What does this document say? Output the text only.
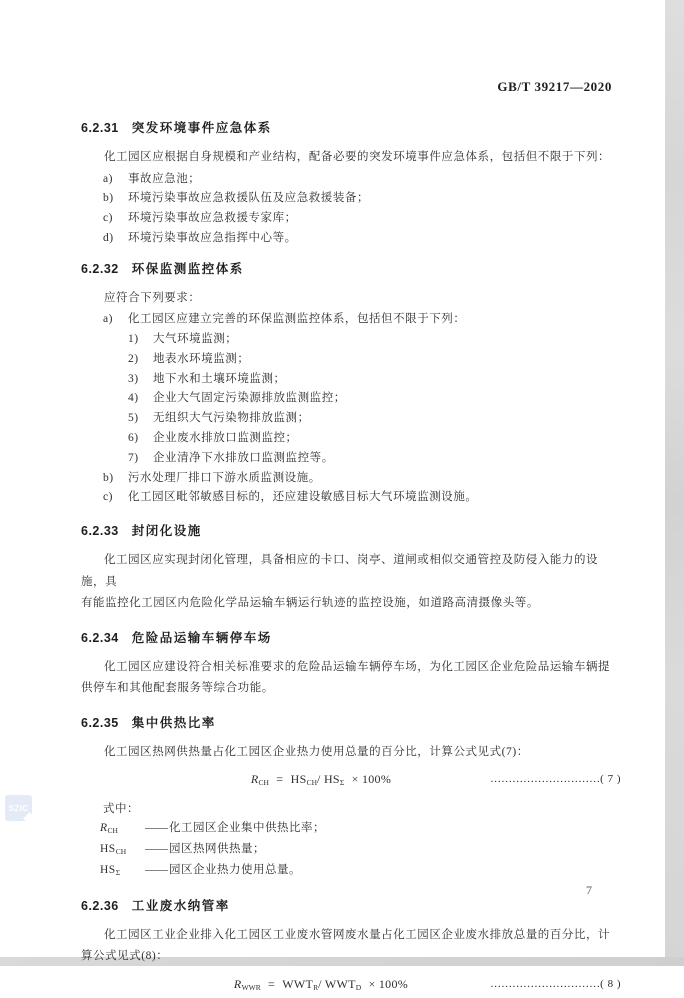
SZIC
GB/T 39217—2020
6.2.31 突发环境事件应急体系
化工园区应根据自身规模和产业结构，配备必要的突发环境事件应急体系，包括但不限于下列：
a)	事故应急池；
b)	环境污染事故应急救援队伍及应急救援装备；
c)	环境污染事故应急救援专家库；
d)	环境污染事故应急指挥中心等。
6.2.32 环保监测监控体系
应符合下列要求：
a)	化工园区应建立完善的环保监测监控体系，包括但不限于下列：
1)	大气环境监测；
2)	地表水环境监测；
3)	地下水和土壤环境监测；
4)	企业大气固定污染源排放监测监控；
5)	无组织大气污染物排放监测；
6)	企业废水排放口监测监控；
7)	企业清净下水排放口监测监控等。
b)	污水处理厂排口下游水质监测设施。
c)	化工园区毗邻敏感目标的，还应建设敏感目标大气环境监测设施。
6.2.33 封闭化设施
化工园区应实现封闭化管理，具备相应的卡口、岗亭、道闸或相似交通管控及防侵入能力的设施，具
有能监控化工园区内危险化学品运输车辆运行轨迹的监控设施，如道路高清摄像头等。
6.2.34 危险品运输车辆停车场
化工园区应建设符合相关标准要求的危险品运输车辆停车场，为化工园区企业危险品运输车辆提
供停车和其他配套服务等综合功能。
6.2.35 集中供热比率
化工园区热网供热量占化工园区企业热力使用总量的百分比，计算公式见式(7)：
$R_{CH} = HS_{CH}/$ $HS_\Sigma \times 100\%$	…………………………( 7 )
式中：
$R_{CH}$	—— 化工园区企业集中供热比率；
$HS_{CH}$	—— 园区热网供热量；
$HS_\Sigma$	—— 园区企业热力使用总量。
6.2.36 工业废水纳管率
化工园区工业企业排入化工园区工业废水管网废水量占化工园区企业废水排放总量的百分比，计
算公式见式(8)：
$R_{WWR} = WWT_R/$ $WWT_D \times 100\%$	…………………………( 8 )
7
